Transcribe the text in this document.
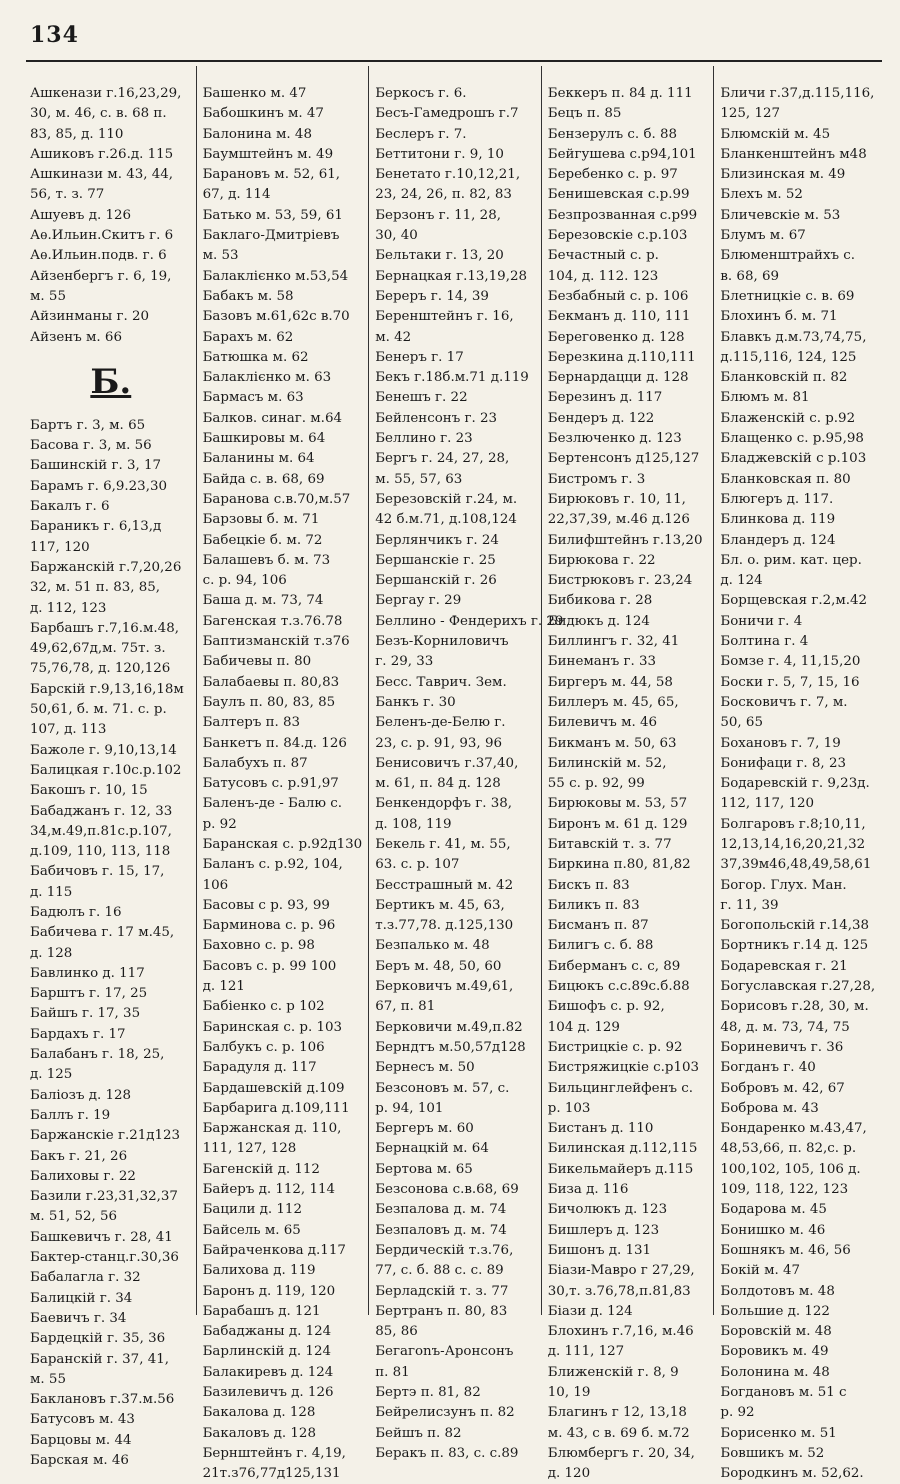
134
Ашкенази г.16,23,29,
30, м. 46, с. в. 68 п.
83, 85, д. 110
Ашиковъ г.26.д. 115
Ашкинази м. 43, 44,
56, т. з. 77
Ашуевъ д. 126
Аѳ.Ильин.Скитъ г. 6
Аѳ.Ильин.подв. г. 6
Айзенбергъ г. 6, 19,
м. 55
Айзинманы г. 20
Айзенъ м. 66
Б.
Бартъ г. 3, м. 65
Басова г. 3, м. 56
Башинскій г. 3, 17
Барамъ г. 6,9.23,30
Бакалъ г. 6
Бараникъ г. 6,13,д
117, 120
Баржанскій г.7,20,26
32, м. 51 п. 83, 85,
д. 112, 123
Барбашъ г.7,16.м.48,
49,62,67д,м. 75т. з.
75,76,78, д. 120,126
Барскій г.9,13,16,18м
50,61, б. м. 71. с. р.
107, д. 113
Бажоле г. 9,10,13,14
Балицкая г.10с.р.102
Бакошъ г. 10, 15
Бабаджанъ г. 12, 33
34,м.49,п.81с.р.107,
д.109, 110, 113, 118
Бабичовъ г. 15, 17,
д. 115
Бадюлъ г. 16
Бабичева г. 17 м.45,
д. 128
Бавлинко д. 117
Барштъ г. 17, 25
Байшъ г. 17, 35
Бардахъ г. 17
Балабанъ г. 18, 25,
д. 125
Баліозъ д. 128
Баллъ г. 19
Баржанскіе г.21д123
Бакъ г. 21, 26
Балиховы г. 22
Базили г.23,31,32,37
м. 51, 52, 56
Башкевичъ г. 28, 41
Бактер-станц.г.30,36
Бабалагла г. 32
Балицкій г. 34
Баевичъ г. 34
Бардецкій г. 35, 36
Баранскій г. 37, 41,
м. 55
Баклановъ г.37.м.56
Батусовъ м. 43
Барцовы м. 44
Барская м. 46
Башенко м. 47
Бабошкинъ м. 47
Балонина м. 48
Баумштейнъ м. 49
Барановъ м. 52, 61,
67, д. 114
Батько м. 53, 59, 61
Баклаго-Дмитріевъ
м. 53
Балаклієнко м.53,54
Бабакъ м. 58
Базовъ м.61,62с в.70
Барахъ м. 62
Батюшка м. 62
Балаклієнко м. 63
Бармасъ м. 63
Балков. синаг. м.64
Башкировы м. 64
Баланины м. 64
Байда с. в. 68, 69
Баранова с.в.70,м.57
Барзовы б. м. 71
Бабецкіе б. м. 72
Балашевъ б. м. 73
с. р. 94, 106
Баша д. м. 73, 74
Багенская т.з.76.78
Баптизманскій т.з76
Бабичевы п. 80
Балабаевы п. 80,83
Баулъ п. 80, 83, 85
Балтеръ п. 83
Банкетъ п. 84.д. 126
Балабухъ п. 87
Батусовъ с. р.91,97
Баленъ-де - Балю с.
р. 92
Баранская с. р.92д130
Баланъ с. р.92, 104,
106
Басовы с р. 93, 99
Барминова с. р. 96
Баховно с. р. 98
Басовъ с. р. 99 100
д. 121
Бабіенко с. р 102
Баринская с. р. 103
Балбукъ с. р. 106
Барадуля д. 117
Бардашевскій д.109
Барбарига д.109,111
Баржанская д. 110,
111, 127, 128
Багенскій д. 112
Байеръ д. 112, 114
Бацили д. 112
Байсель м. 65
Байраченкова д.117
Балихова д. 119
Баронъ д. 119, 120
Барабашъ д. 121
Бабаджаны д. 124
Барлинскій д. 124
Балакиревъ д. 124
Базилевичъ д. 126
Бакалова д. 128
Бакаловъ д. 128
Бернштейнъ г. 4,19,
21т.з76,77д125,131
Беркосъ г. 6.
Бесъ-Гамедрошъ г.7
Беслеръ г. 7.
Беттитони г. 9, 10
Бенетато г.10,12,21,
23, 24, 26, п. 82, 83
Берзонъ г. 11, 28,
30, 40
Бельтаки г. 13, 20
Бернацкая г.13,19,28
Береръ г. 14, 39
Беренштейнъ г. 16,
м. 42
Бенеръ г. 17
Бекъ г.18б.м.71 д.119
Бенешъ г. 22
Бейленсонъ г. 23
Беллино г. 23
Бергъ г. 24, 27, 28,
м. 55, 57, 63
Березовскій г.24, м.
42 б.м.71, д.108,124
Берлянчикъ г. 24
Бершанскіе г. 25
Бершанскій г. 26
Бергау г. 29
Беллино - Фендерихъ г. 29
Безъ-Корниловичъ
г. 29, 33
Бесс. Таврич. Зем.
Банкъ г. 30
Беленъ-де-Белю г.
23, с. р. 91, 93, 96
Бенисовичъ г.37,40,
м. 61, п. 84 д. 128
Бенкендорфъ г. 38,
д. 108, 119
Бекель г. 41, м. 55,
63. с. р. 107
Бесстрашный м. 42
Бертикъ м. 45, 63,
т.з.77,78. д.125,130
Безпалько м. 48
Беръ м. 48, 50, 60
Берковичъ м.49,61,
67, п. 81
Берковичи м.49,п.82
Берндтъ м.50,57д128
Бернесъ м. 50
Безсоновъ м. 57, с.
р. 94, 101
Бергеръ м. 60
Бернацкій м. 64
Бертова м. 65
Безсонова с.в.68, 69
Безпалова д. м. 74
Безпаловъ д. м. 74
Бердическій т.з.76,
77, с. б. 88 с. с. 89
Берладскій т. з. 77
Бертранъ п. 80, 83
85, 86
Бегагоnъ-Аронсонъ
п. 81
Бертэ п. 81, 82
Бейрелисзунъ п. 82
Бейшъ п. 82
Беракъ п. 83, с. с.89
Беккеръ п. 84 д. 111
Бецъ п. 85
Бензерулъ с. б. 88
Бейгушева с.р94,101
Беребенко с. р. 97
Бенишевская с.р.99
Безпрозванная с.р99
Березовскіе с.р.103
Бечастный с. р.
104, д. 112. 123
Безбабный с. р. 106
Бекманъ д. 110, 111
Береговенко д. 128
Березкина д.110,111
Бернардацци д. 128
Березинъ д. 117
Бендеръ д. 122
Безлюченко д. 123
Бертенсонъ д125,127
Бистромъ г. 3
Бирюковъ г. 10, 11,
22,37,39, м.46 д.126
Билифштейнъ г.13,20
Бирюкова г. 22
Бистрюковъ г. 23,24
Бибикова г. 28
Бидюкъ д. 124
Биллингъ г. 32, 41
Бинеманъ г. 33
Биргеръ м. 44, 58
Биллеръ м. 45, 65,
Билевичъ м. 46
Бикманъ м. 50, 63
Билинскій м. 52,
55 с. р. 92, 99
Бирюковы м. 53, 57
Биронъ м. 61 д. 129
Битавскій т. з. 77
Биркина п.80, 81,82
Бискъ п. 83
Биликъ п. 83
Бисманъ п. 87
Билигъ с. б. 88
Биберманъ с. с, 89
Бицюкъ с.с.89с.б.88
Бишофъ с. р. 92,
104 д. 129
Бистрицкіе с. р. 92
Бистряжицкіе с.р103
Бильцинглейфенъ с.
р. 103
Бистанъ д. 110
Билинская д.112,115
Бикельмайеръ д.115
Биза д. 116
Бичолюкъ д. 123
Бишлеръ д. 123
Бишонъ д. 131
Біази-Мавро г 27,29,
30,т. з.76,78,п.81,83
Біази д. 124
Блохинъ г.7,16, м.46
д. 111, 127
Ближенскій г. 8, 9
10, 19
Благинъ г 12, 13,18
м. 43, с в. 69 б. м.72
Блюмбергъ г. 20, 34,
д. 120
Бличи г.37,д.115,116,
125, 127
Блюмскій м. 45
Бланкенштейнъ м48
Близинская м. 49
Блехъ м. 52
Бличевскіе м. 53
Блумъ м. 67
Блюменштрайхъ с.
в. 68, 69
Блетницкіе с. в. 69
Блохинъ б. м. 71
Блавкъ д.м.73,74,75,
д.115,116, 124, 125
Бланковскій п. 82
Блюмъ м. 81
Блаженскій с. р.92
Блащенко с. р.95,98
Бладжевскій с р.103
Бланковская п. 80
Блюгеръ д. 117.
Блинкова д. 119
Бландеръ д. 124
Бл. о. рим. кат. цер.
д. 124
Борщевская г.2,м.42
Боничи г. 4
Болтина г. 4
Бомзе г. 4, 11,15,20
Боски г. 5, 7, 15, 16
Босковичъ г. 7, м.
50, 65
Бохановъ г. 7, 19
Бонифаци г. 8, 23
Бодаревскій г. 9,23д.
112, 117, 120
Болгаровъ г.8;10,11,
12,13,14,16,20,21,32
37,39м46,48,49,58,61
Богор. Глух. Ман.
г. 11, 39
Богопольскій г.14,38
Бортникъ г.14 д. 125
Бодаревская г. 21
Богуславская г.27,28,
Борисовъ г.28, 30, м.
48, д. м. 73, 74, 75
Бориневичъ г. 36
Богданъ г. 40
Бобровъ м. 42, 67
Боброва м. 43
Бондаренко м.43,47,
48,53,66, п. 82,с. р.
100,102, 105, 106 д.
109, 118, 122, 123
Бодарова м. 45
Бонишко м. 46
Бошнякъ м. 46, 56
Бокій м. 47
Болдотовъ м. 48
Большие д. 122
Боровскій м. 48
Боровикъ м. 49
Болонина м. 48
Богдановъ м. 51 с
р. 92
Борисенко м. 51
Бовшикъ м. 52
Бородкинъ м. 52,62.
